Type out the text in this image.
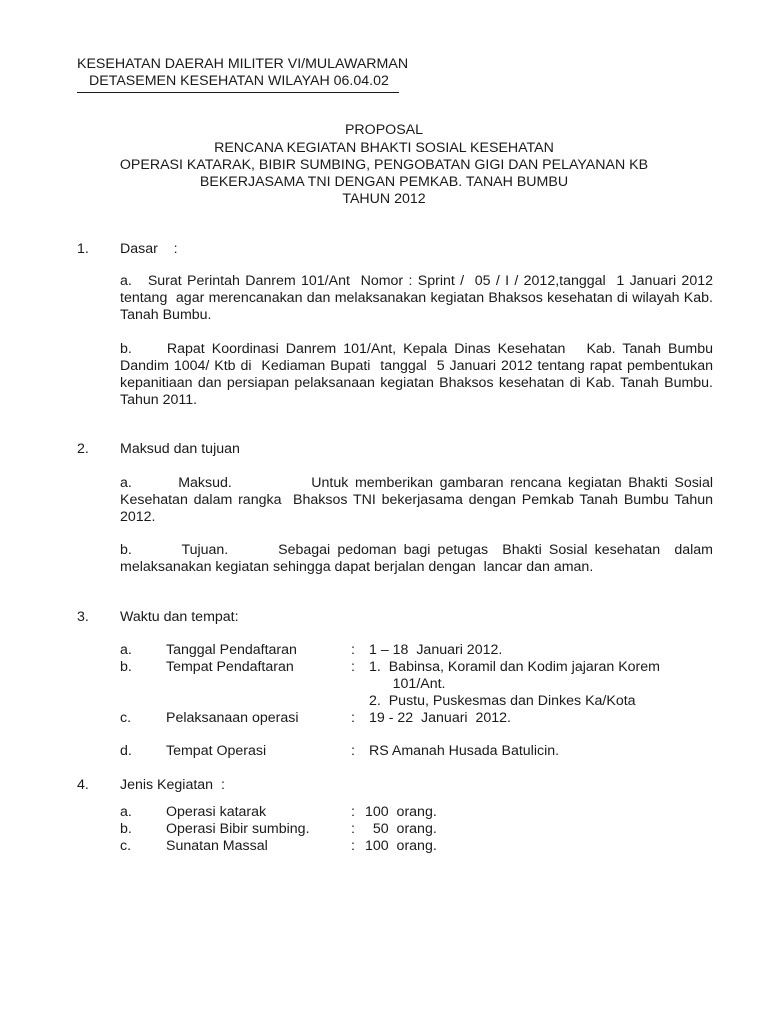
KESEHATAN DAERAH MILITER VI/MULAWARMAN
DETASEMEN KESEHATAN WILAYAH 06.04.02
PROPOSAL
RENCANA KEGIATAN BHAKTI SOSIAL KESEHATAN
OPERASI KATARAK, BIBIR SUMBING, PENGOBATAN GIGI DAN PELAYANAN KB
BEKERJASAMA TNI DENGAN PEMKAB. TANAH BUMBU
TAHUN 2012
1. Dasar    :
a.   Surat Perintah Danrem 101/Ant  Nomor : Sprint /  05 / I / 2012,tanggal  1 Januari 2012  tentang  agar merencanakan dan melaksanakan kegiatan Bhaksos kesehatan di wilayah Kab. Tanah Bumbu.
b.     Rapat Koordinasi Danrem 101/Ant, Kepala Dinas Kesehatan   Kab. Tanah Bumbu Dandim 1004/ Ktb di  Kediaman Bupati  tanggal  5 Januari 2012 tentang rapat pembentukan kepanitiaan dan persiapan pelaksanaan kegiatan Bhaksos kesehatan di Kab. Tanah Bumbu.  Tahun 2011.
2. Maksud dan tujuan
a.       Maksud.            Untuk memberikan gambaran rencana kegiatan Bhakti Sosial Kesehatan dalam rangka  Bhaksos TNI bekerjasama dengan Pemkab Tanah Bumbu Tahun 2012.
b.       Tujuan.       Sebagai pedoman bagi petugas  Bhakti Sosial kesehatan  dalam melaksanakan kegiatan sehingga dapat berjalan dengan  lancar dan aman.
3. Waktu dan tempat:
a. Tanggal Pendaftaran	: 1 – 18  Januari 2012.
b. Tempat Pendaftaran	: 1.  Babinsa, Koramil dan Kodim jajaran Korem
101/Ant.
2.  Pustu, Puskesmas dan Dinkes Ka/Kota
c. Pelaksanaan operasi	: 19 - 22  Januari  2012.
d. Tempat Operasi	: RS Amanah Husada Batulicin.
4. Jenis Kegiatan  :
a. Operasi katarak	: 100  orang.
b. Operasi Bibir sumbing.	: 50  orang.
c. Sunatan Massal	: 100  orang.
